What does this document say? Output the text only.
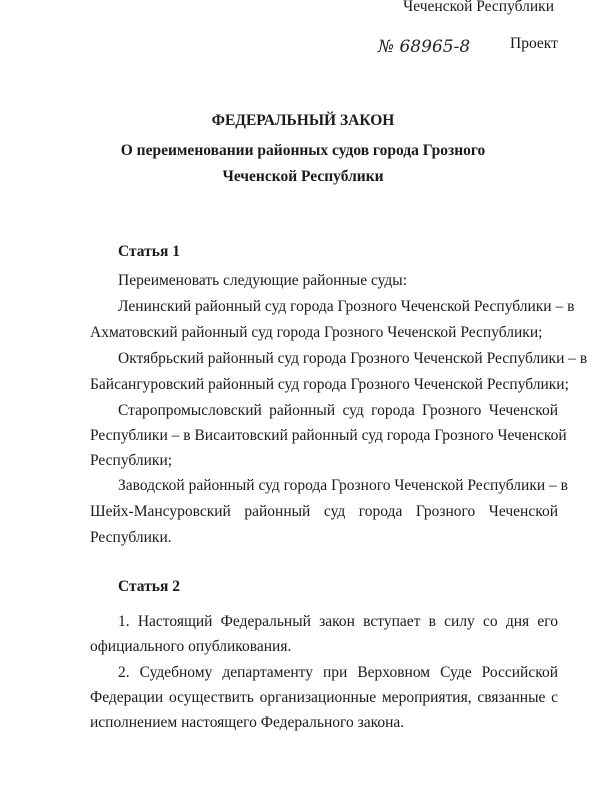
Чеченской Республики
№ 68965-8	Проект
ФЕДЕРАЛЬНЫЙ ЗАКОН
О переименовании районных судов города Грозного
Чеченской Республики
Статья 1
Переименовать следующие районные суды:
Ленинский районный суд города Грозного Чеченской Республики – в
Ахматовский районный суд города Грозного Чеченской Республики;
Октябрьский районный суд города Грозного Чеченской Республики – в
Байсангуровский районный суд города Грозного Чеченской Республики;
Старопромысловский районный суд города Грозного Чеченской
Республики – в Висаитовский районный суд города Грозного Чеченской
Республики;
Заводской районный суд города Грозного Чеченской Республики – в
Шейх-Мансуровский районный суд города Грозного Чеченской
Республики.
Статья 2
1. Настоящий Федеральный закон вступает в силу со дня его
официального опубликования.
2. Судебному департаменту при Верховном Суде Российской
Федерации осуществить организационные мероприятия, связанные с
исполнением настоящего Федерального закона.
